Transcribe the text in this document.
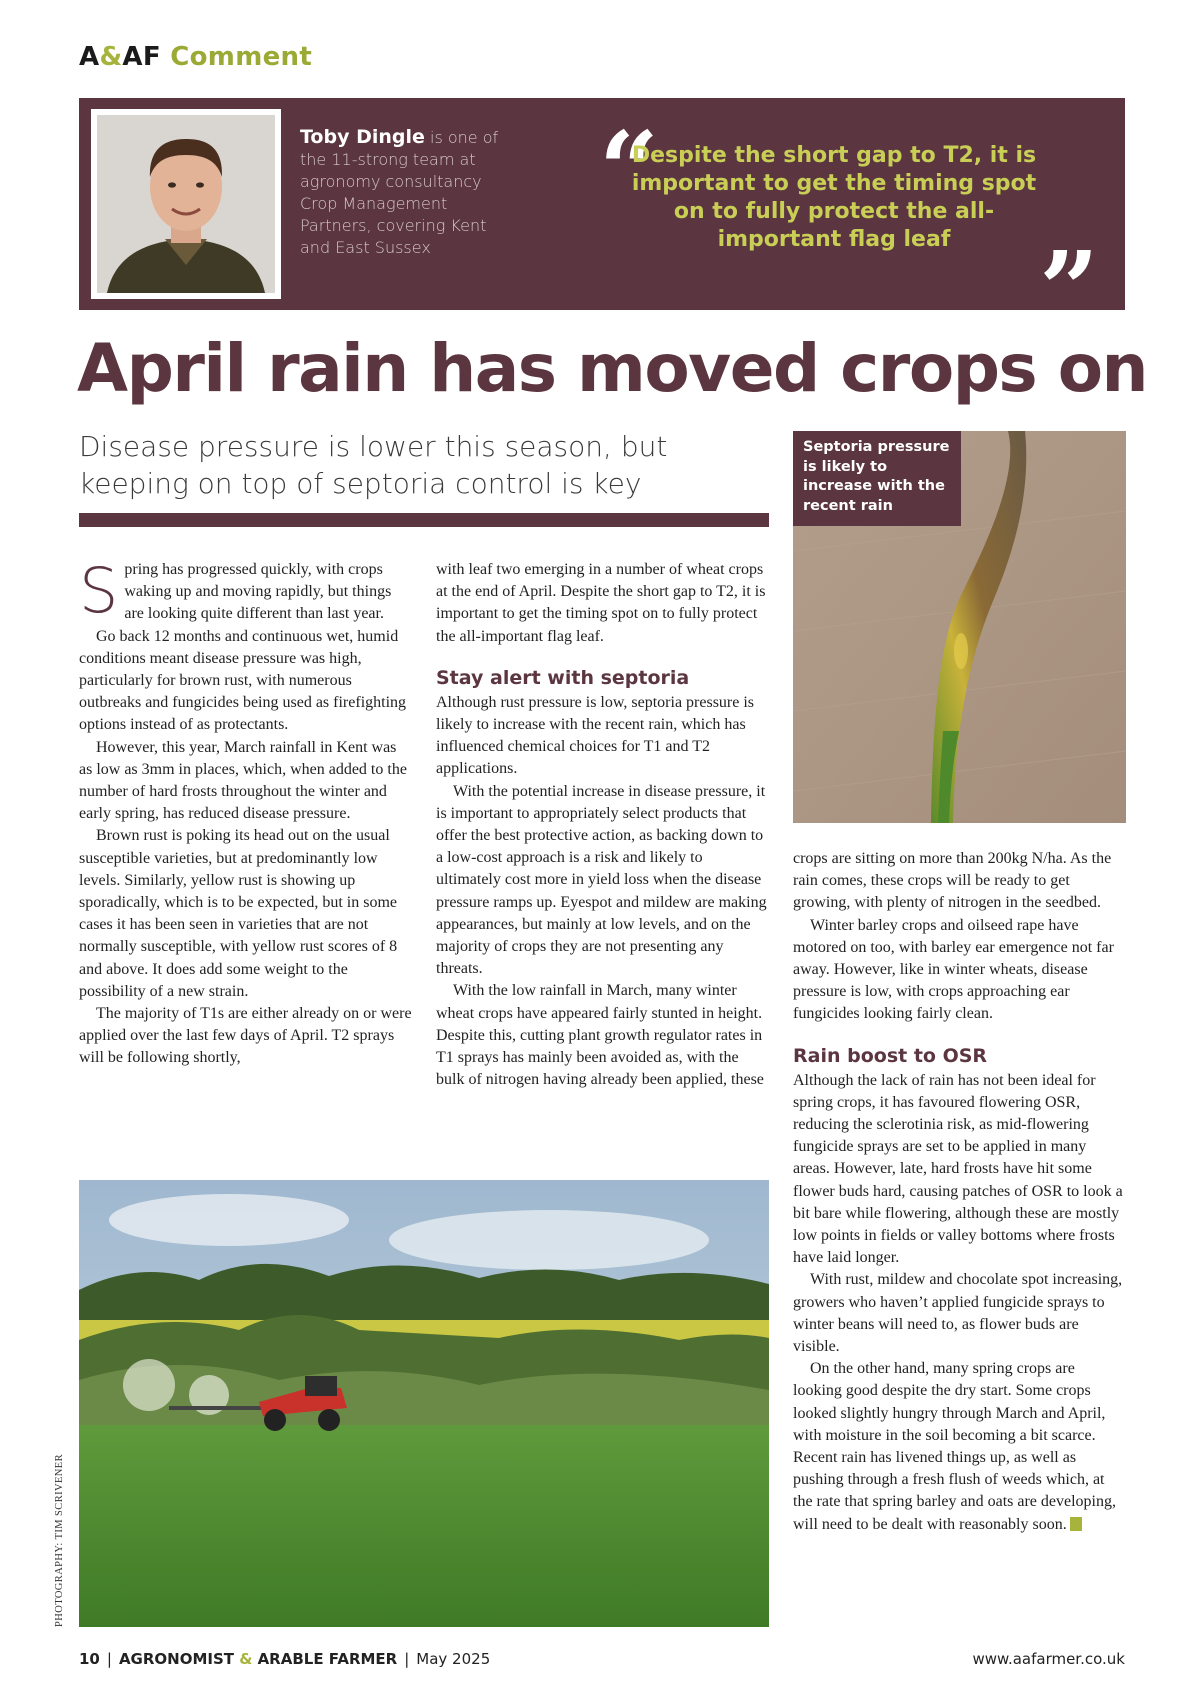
A&AF Comment
Toby Dingle is one of the 11-strong team at agronomy consultancy Crop Management Partners, covering Kent and East Sussex
“
Despite the short gap to T2, it is important to get the timing spot on to fully protect the all-important flag leaf ”
April rain has moved crops on
Disease pressure is lower this season, but keeping on top of septoria control is key

Spring has progressed quickly, with crops waking up and moving rapidly, but things are looking quite different than last year.

Go back 12 months and continuous wet, humid conditions meant disease pressure was high, particularly for brown rust, with numerous outbreaks and fungicides being used as firefighting options instead of as protectants.

However, this year, March rainfall in Kent was as low as 3mm in places, which, when added to the number of hard frosts throughout the winter and early spring, has reduced disease pressure.

Brown rust is poking its head out on the usual susceptible varieties, but at predominantly low levels. Similarly, yellow rust is showing up sporadically, which is to be expected, but in some cases it has been seen in varieties that are not normally susceptible, with yellow rust scores of 8 and above. It does add some weight to the possibility of a new strain.

The majority of T1s are either already on or were applied over the last few days of April. T2 sprays will be following shortly,

with leaf two emerging in a number of wheat crops at the end of April. Despite the short gap to T2, it is important to get the timing spot on to fully protect the all-important flag leaf.

Stay alert with septoria

Although rust pressure is low, septoria pressure is likely to increase with the recent rain, which has influenced chemical choices for T1 and T2 applications.

With the potential increase in disease pressure, it is important to appropriately select products that offer the best protective action, as backing down to a low-cost approach is a risk and likely to ultimately cost more in yield loss when the disease pressure ramps up. Eyespot and mildew are making appearances, but mainly at low levels, and on the majority of crops they are not presenting any threats.

With the low rainfall in March, many winter wheat crops have appeared fairly stunted in height. Despite this, cutting plant growth regulator rates in T1 sprays has mainly been avoided as, with the bulk of nitrogen having already been applied, these

Septoria pressure is likely to increase with the recent rain

crops are sitting on more than 200kg N/ha. As the rain comes, these crops will be ready to get growing, with plenty of nitrogen in the seedbed.

Winter barley crops and oilseed rape have motored on too, with barley ear emergence not far away. However, like in winter wheats, disease pressure is low, with crops approaching ear fungicides looking fairly clean.

Rain boost to OSR

Although the lack of rain has not been ideal for spring crops, it has favoured flowering OSR, reducing the sclerotinia risk, as mid-flowering fungicide sprays are set to be applied in many areas. However, late, hard frosts have hit some flower buds hard, causing patches of OSR to look a bit bare while flowering, although these are mostly low points in fields or valley bottoms where frosts have laid longer.

With rust, mildew and chocolate spot increasing, growers who haven’t applied fungicide sprays to winter beans will need to, as flower buds are visible.

On the other hand, many spring crops are looking good despite the dry start. Some crops looked slightly hungry through March and April, with moisture in the soil becoming a bit scarce. Recent rain has livened things up, as well as pushing through a fresh flush of weeds which, at the rate that spring barley and oats are developing, will need to be dealt with reasonably soon.

PHOTOGRAPHY: TIM SCRIVENER
10 | AGRONOMIST & ARABLE FARMER | May 2025	www.aafarmer.co.uk
